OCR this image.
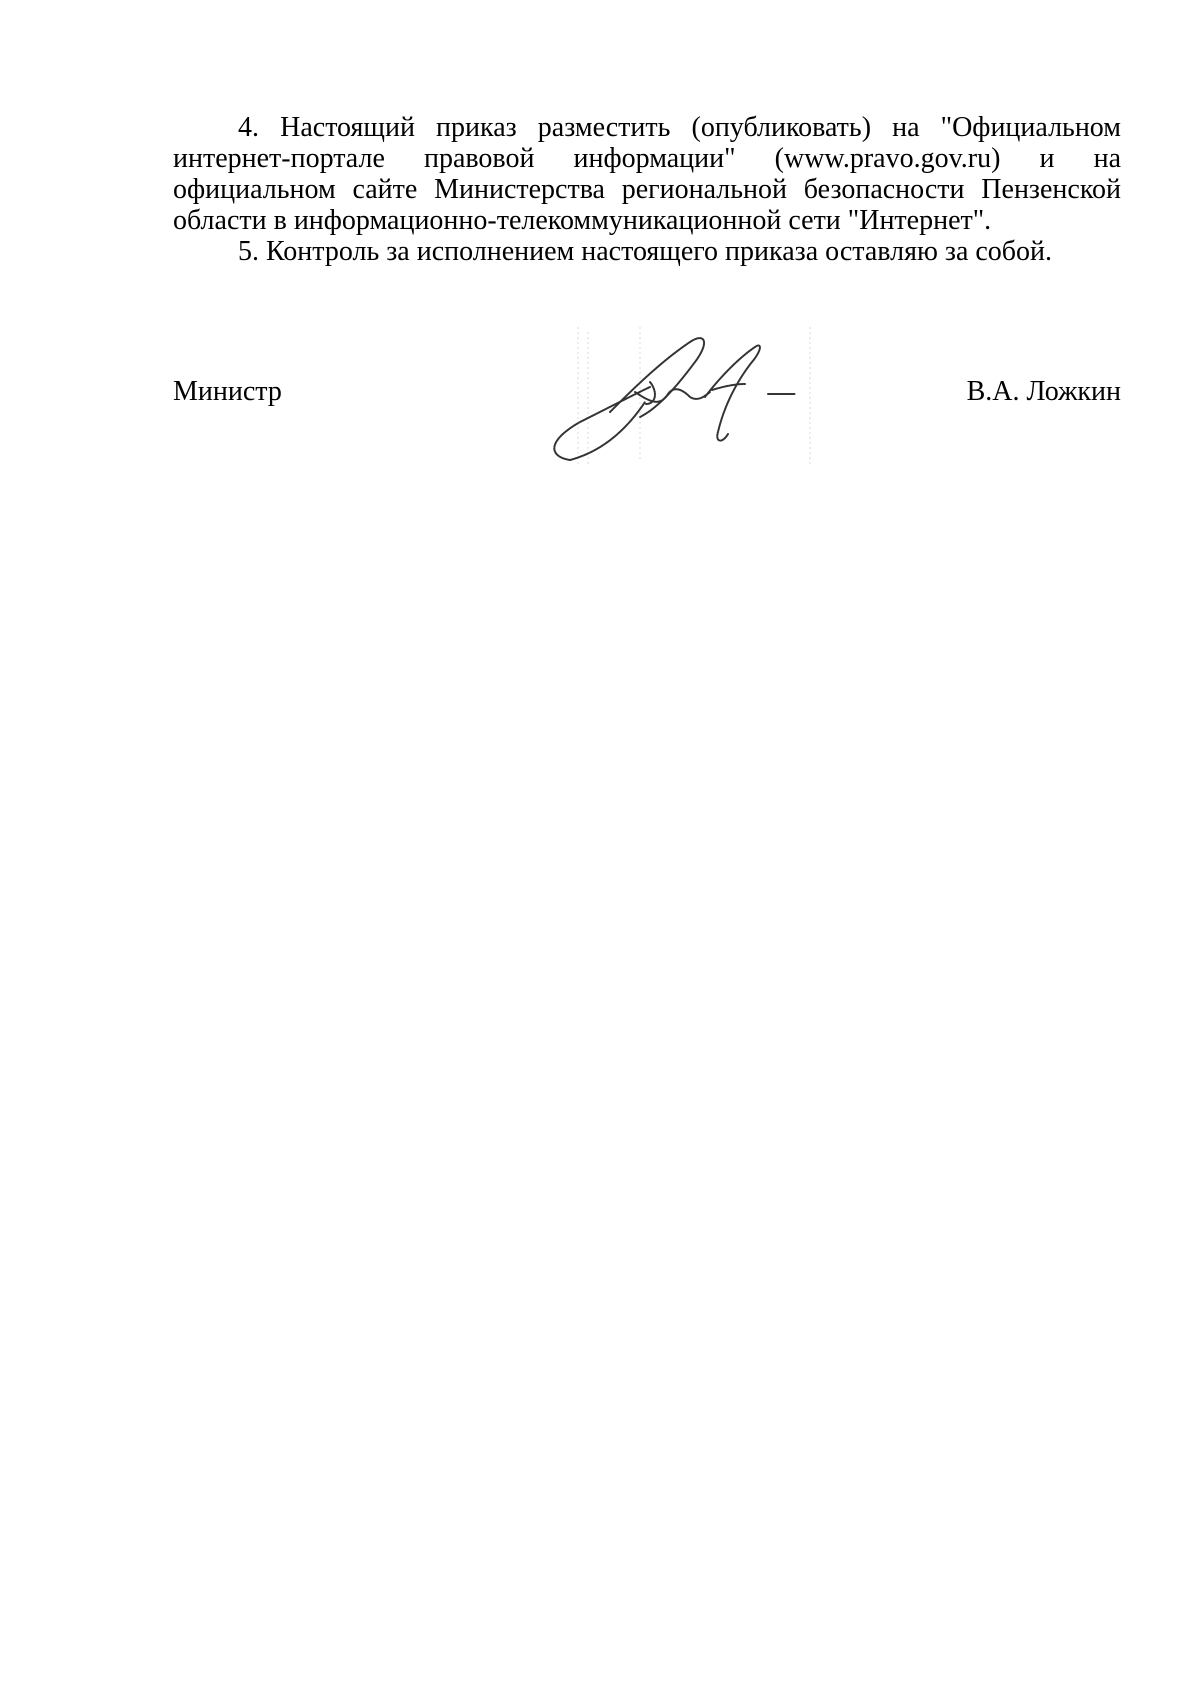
4. Настоящий приказ разместить (опубликовать) на "Официальном интернет-портале правовой информации" (www.pravo.gov.ru) и на официальном сайте Министерства региональной безопасности Пензенской области в информационно-телекоммуникационной сети "Интернет".

5. Контроль за исполнением настоящего приказа оставляю за собой.

Министр	В.А. Ложкин
